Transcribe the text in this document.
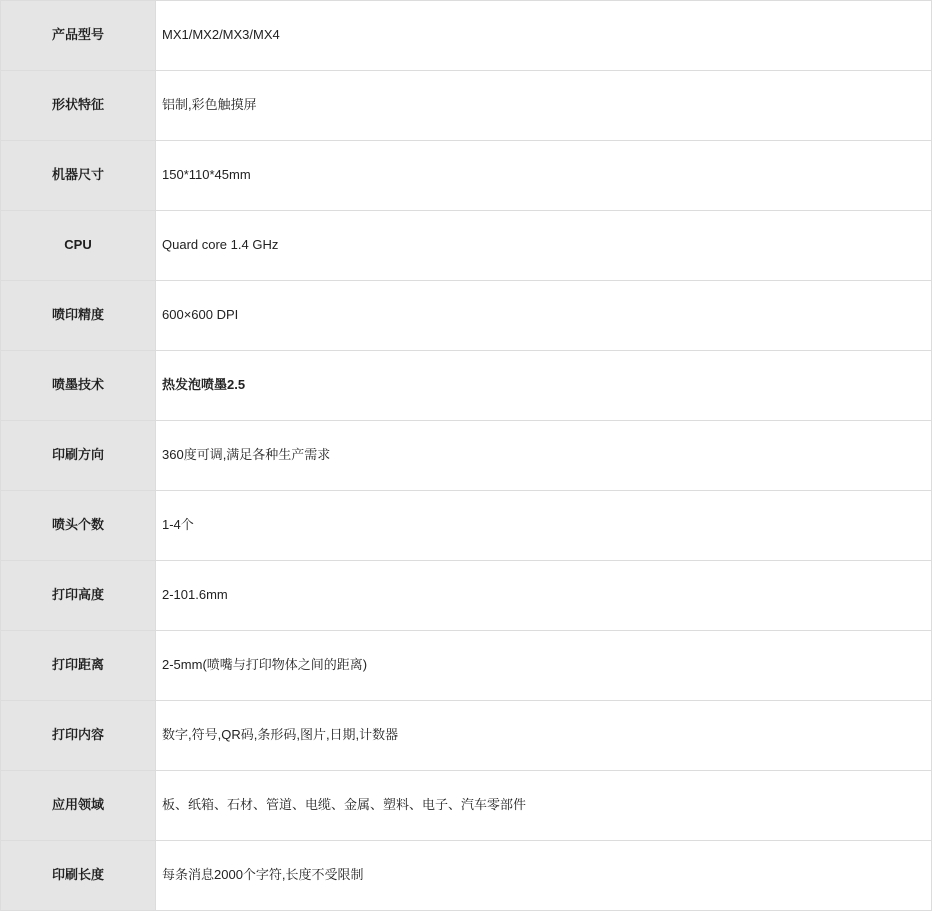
产品型号	MX1/MX2/MX3/MX4
形状特征	铝制,彩色触摸屏
机器尺寸	150*110*45mm
CPU	Quard core 1.4 GHz
喷印精度	600×600 DPI
喷墨技术	热发泡喷墨2.5
印刷方向	360度可调,满足各种生产需求
喷头个数	1-4个
打印高度	2-101.6mm
打印距离	2-5mm(喷嘴与打印物体之间的距离)
打印内容	数字,符号,QR码,条形码,图片,日期,计数器
应用领域	板、纸箱、石材、管道、电缆、金属、塑料、电子、汽车零部件
印刷长度	每条消息2000个字符,长度不受限制
